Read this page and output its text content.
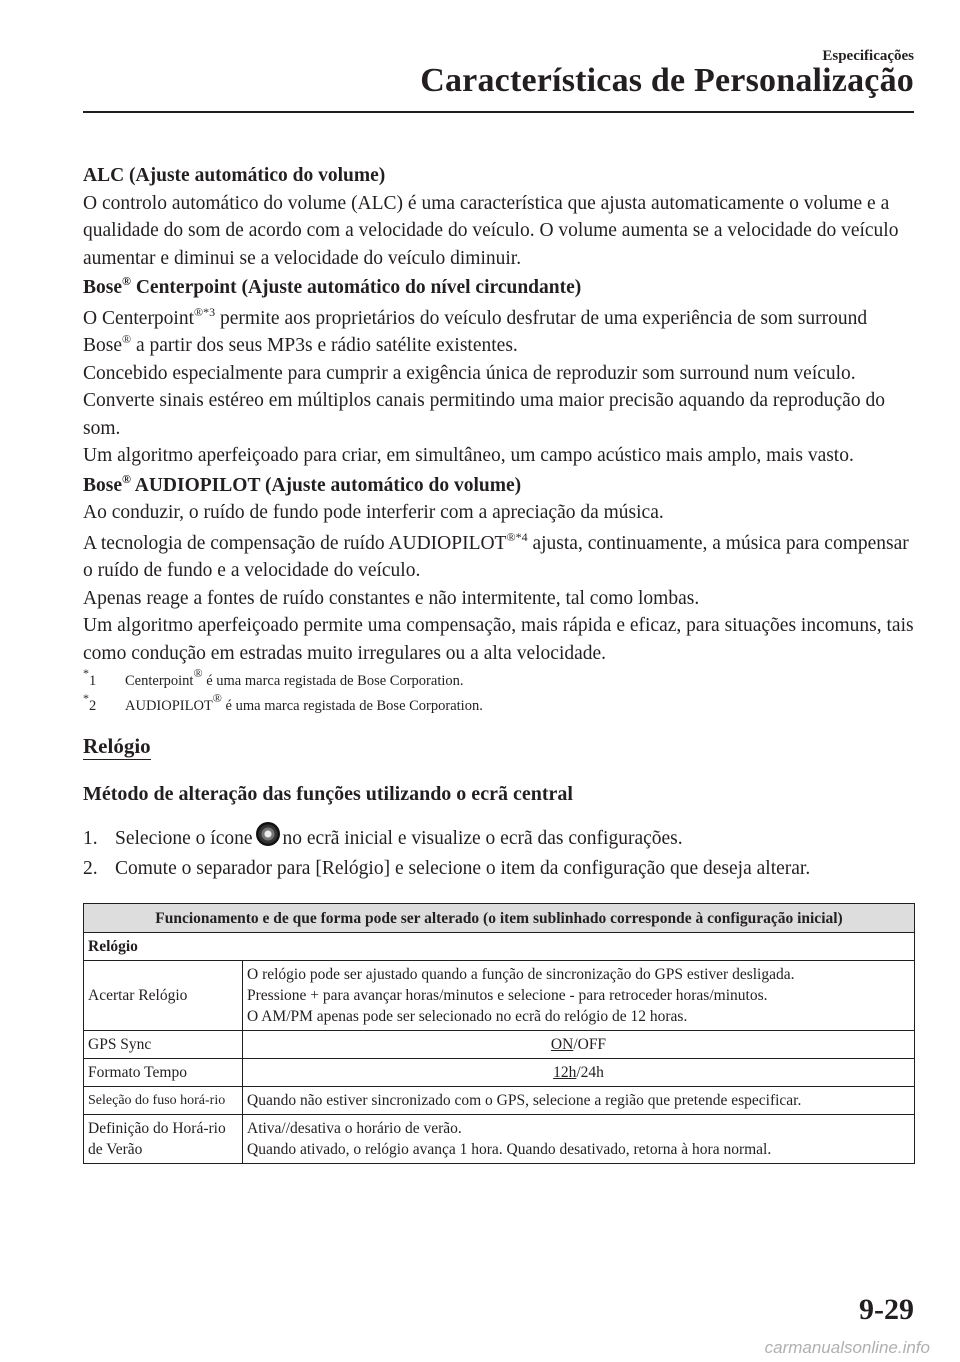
Especificações
Características de Personalização

ALC (Ajuste automático do volume)

O controlo automático do volume (ALC) é uma característica que ajusta automaticamente o volume e a qualidade do som de acordo com a velocidade do veículo. O volume aumenta se a velocidade do veículo aumentar e diminui se a velocidade do veículo diminuir.

Bose® Centerpoint (Ajuste automático do nível circundante)

O Centerpoint$^{®*3}$ permite aos proprietários do veículo desfrutar de uma experiência de som surround Bose® a partir dos seus MP3s e rádio satélite existentes.

Concebido especialmente para cumprir a exigência única de reproduzir som surround num veículo.

Converte sinais estéreo em múltiplos canais permitindo uma maior precisão aquando da reprodução do som.

Um algoritmo aperfeiçoado para criar, em simultâneo, um campo acústico mais amplo, mais vasto.

Bose® AUDIOPILOT (Ajuste automático do volume)

Ao conduzir, o ruído de fundo pode interferir com a apreciação da música.

A tecnologia de compensação de ruído $AUDIOPILOT^{®*4}$ ajusta, continuamente, a música para compensar o ruído de fundo e a velocidade do veículo.

Apenas reage a fontes de ruído constantes e não intermitente, tal como lombas.

Um algoritmo aperfeiçoado permite uma compensação, mais rápida e eficaz, para situações incomuns, tais como condução em estradas muito irregulares ou a alta velocidade.

*1 Centerpoint® é uma marca registada de Bose Corporation.

*2 AUDIOPILOT® é uma marca registada de Bose Corporation.

Relógio

Método de alteração das funções utilizando o ecrã central

1. Selecione o ícone no ecrã inicial e visualize o ecrã das configurações.

2. Comute o separador para [Relógio] e selecione o item da configuração que deseja alterar.

Funcionamento e de que forma pode ser alterado (o item sublinhado corresponde à configuração inicial)	
Relógio	
Acertar Relógio	O relógio pode ser ajustado quando a função de sincronização do GPS estiver desligada.
Pressione + para avançar horas/minutos e selecione - para retroceder horas/minutos.
O AM/PM apenas pode ser selecionado no ecrã do relógio de 12 horas.

GPS Sync	ON/OFF
Formato Tempo	12h/24h
Seleção do fuso horá-rio	Quando não estiver sincronizado com o GPS, selecione a região que pretende especificar.

Definição do Horá-rio de Verão	Ativa//desativa o horário de verão.
Quando ativado, o relógio avança 1 hora. Quando desativado, retorna à hora normal.
9-29
carmanualsonline.info
